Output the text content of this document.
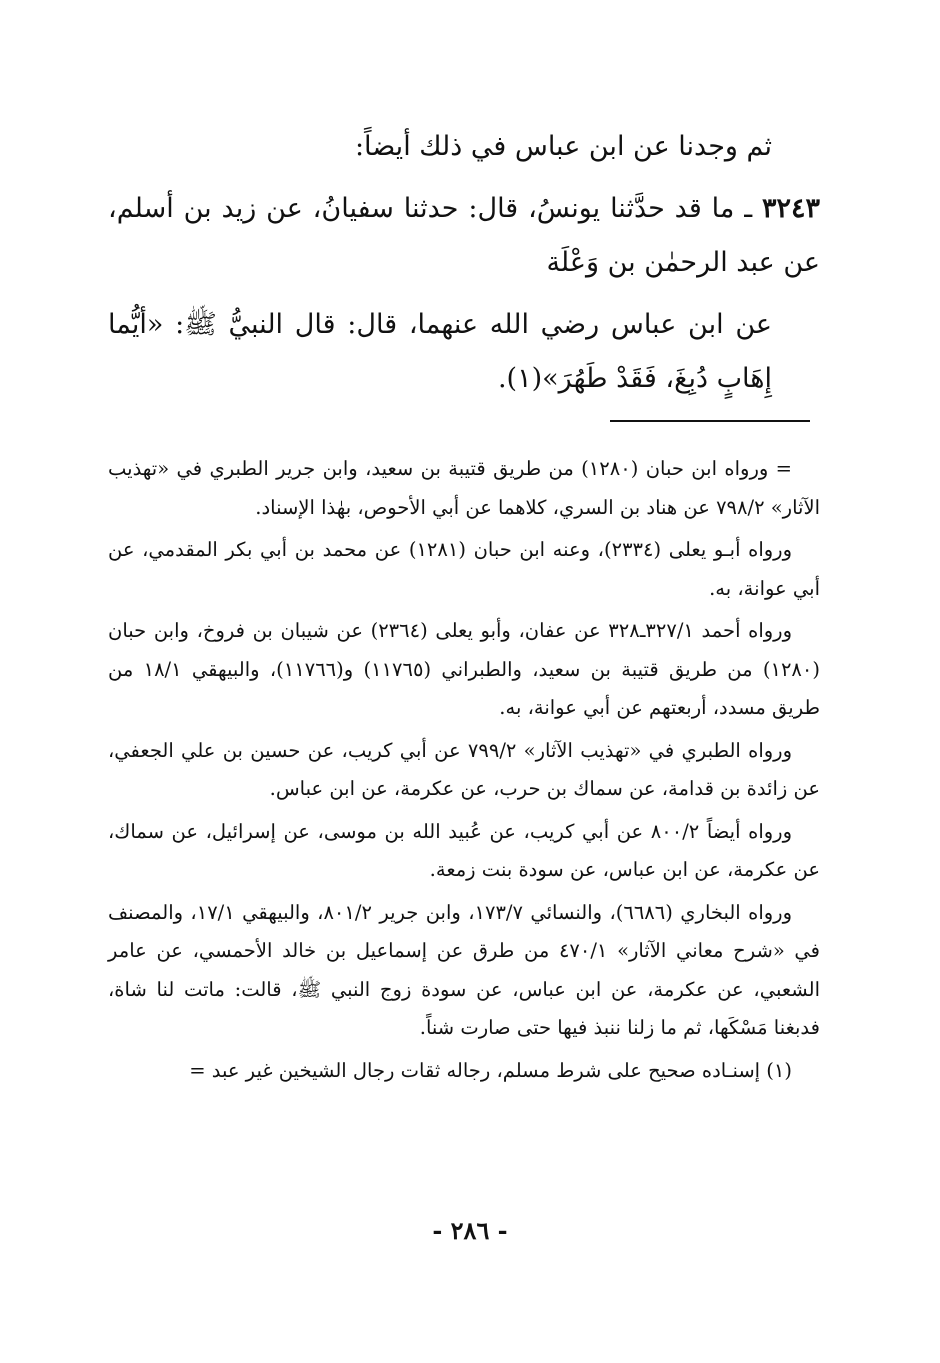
ثم وجدنا عن ابن عباس في ذلك أيضاً:

٣٢٤٣ ـ ما قد حدَّثنا يونسُ، قال: حدثنا سفيانُ، عن زيد بن أسلم، عن عبد الرحمٰن بن وَعْلَة

عن ابن عباس رضي الله عنهما، قال: قال النبيُّ ﷺ: «أيُّما إِهَابٍ دُبِغَ، فَقَدْ طَهُرَ»(١).

= ورواه ابن حبان (١٢٨٠) من طريق قتيبة بن سعيد، وابن جرير الطبري في «تهذيب الآثار» ٧٩٨/٢ عن هناد بن السري، كلاهما عن أبي الأحوص، بهٰذا الإسناد.

ورواه أبـو يعلى (٢٣٣٤)، وعنه ابن حبان (١٢٨١) عن محمد بن أبي بكر المقدمي، عن أبي عوانة، به.

ورواه أحمد ٣٢٧/١ـ٣٢٨ عن عفان، وأبو يعلى (٢٣٦٤) عن شيبان بن فروخ، وابن حبان (١٢٨٠) من طريق قتيبة بن سعيد، والطبراني (١١٧٦٥) و(١١٧٦٦)، والبيهقي ١٨/١ من طريق مسدد، أربعتهم عن أبي عوانة، به.

ورواه الطبري في «تهذيب الآثار» ٧٩٩/٢ عن أبي كريب، عن حسين بن علي الجعفي، عن زائدة بن قدامة، عن سماك بن حرب، عن عكرمة، عن ابن عباس.

ورواه أيضاً ٨٠٠/٢ عن أبي كريب، عن عُبيد الله بن موسى، عن إسرائيل، عن سماك، عن عكرمة، عن ابن عباس، عن سودة بنت زمعة.

ورواه البخاري (٦٦٨٦)، والنسائي ١٧٣/٧، وابن جرير ٨٠١/٢، والبيهقي ١٧/١، والمصنف في «شرح معاني الآثار» ٤٧٠/١ من طرق عن إسماعيل بن خالد الأحمسي، عن عامر الشعبي، عن عكرمة، عن ابن عباس، عن سودة زوج النبي ﷺ، قالت: ماتت لنا شاة، فدبغنا مَسْكَها، ثم ما زلنا ننبذ فيها حتى صارت شناً.

(١) إسنـاده صحيح على شرط مسلم، رجاله ثقات رجال الشيخين غير عبد =

- ٢٨٦ -
